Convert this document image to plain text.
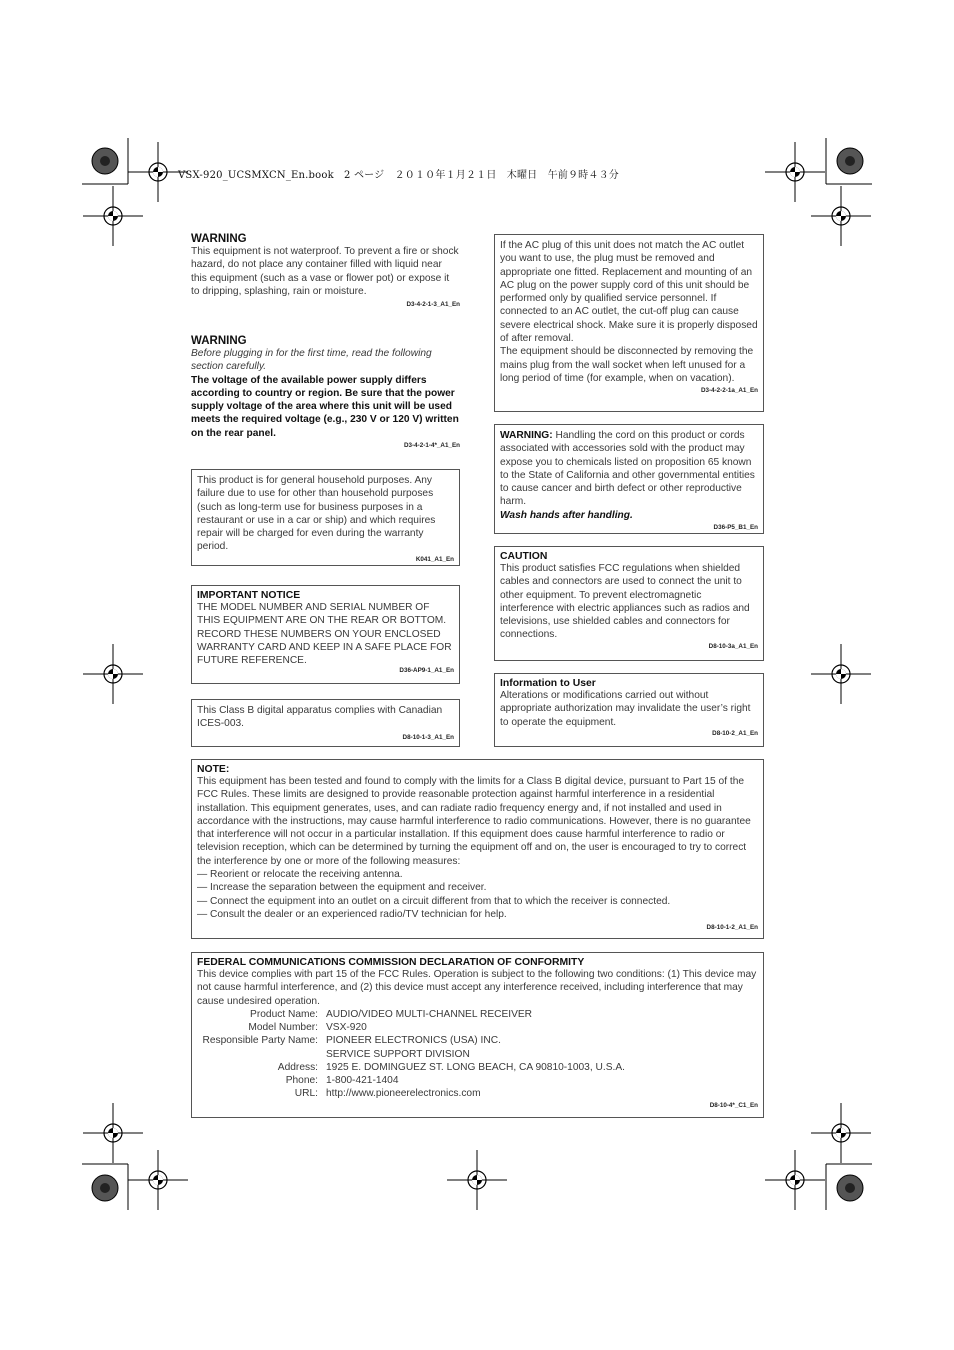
VSX-920_UCSMXCN_En.book　2 ページ　２０１０年１月２１日　木曜日　午前９時４３分
WARNING
This equipment is not waterproof. To prevent a fire or shock hazard, do not place any container filled with liquid near this equipment (such as a vase or flower pot) or expose it to dripping, splashing, rain or moisture.
D3-4-2-1-3_A1_En
WARNING
Before plugging in for the first time, read the following section carefully.
The voltage of the available power supply differs according to country or region. Be sure that the power supply voltage of the area where this unit will be used meets the required voltage (e.g., 230 V or 120 V) written on the rear panel.
D3-4-2-1-4*_A1_En
This product is for general household purposes. Any failure due to use for other than household purposes (such as long-term use for business purposes in a restaurant or use in a car or ship) and which requires repair will be charged for even during the warranty period.
K041_A1_En
IMPORTANT NOTICE
THE MODEL NUMBER AND SERIAL NUMBER OF THIS EQUIPMENT ARE ON THE REAR OR BOTTOM. RECORD THESE NUMBERS ON YOUR ENCLOSED WARRANTY CARD AND KEEP IN A SAFE PLACE FOR FUTURE REFERENCE.
D36-AP9-1_A1_En
This Class B digital apparatus complies with Canadian ICES-003.
D8-10-1-3_A1_En
If the AC plug of this unit does not match the AC outlet you want to use, the plug must be removed and appropriate one fitted. Replacement and mounting of an AC plug on the power supply cord of this unit should be performed only by qualified service personnel. If connected to an AC outlet, the cut-off plug can cause severe electrical shock. Make sure it is properly disposed of after removal.
The equipment should be disconnected by removing the mains plug from the wall socket when left unused for a long period of time (for example, when on vacation).
D3-4-2-2-1a_A1_En
WARNING: Handling the cord on this product or cords associated with accessories sold with the product may expose you to chemicals listed on proposition 65 known to the State of California and other governmental entities to cause cancer and birth defect or other reproductive harm.
Wash hands after handling.
D36-P5_B1_En
CAUTION
This product satisfies FCC regulations when shielded cables and connectors are used to connect the unit to other equipment. To prevent electromagnetic interference with electric appliances such as radios and televisions, use shielded cables and connectors for connections.
D8-10-3a_A1_En
Information to User
Alterations or modifications carried out without appropriate authorization may invalidate the user’s right to operate the equipment.
D8-10-2_A1_En
NOTE:
This equipment has been tested and found to comply with the limits for a Class B digital device, pursuant to Part 15 of the FCC Rules. These limits are designed to provide reasonable protection against harmful interference in a residential installation. This equipment generates, uses, and can radiate radio frequency energy and, if not installed and used in accordance with the instructions, may cause harmful interference to radio communications. However, there is no guarantee that interference will not occur in a particular installation. If this equipment does cause harmful interference to radio or television reception, which can be determined by turning the equipment off and on, the user is encouraged to try to correct the interference by one or more of the following measures:
— Reorient or relocate the receiving antenna.
— Increase the separation between the equipment and receiver.
— Connect the equipment into an outlet on a circuit different from that to which the receiver is connected.
— Consult the dealer or an experienced radio/TV technician for help.
D8-10-1-2_A1_En
FEDERAL COMMUNICATIONS COMMISSION DECLARATION OF CONFORMITY
This device complies with part 15 of the FCC Rules. Operation is subject to the following two conditions: (1) This device may not cause harmful interference, and (2) this device must accept any interference received, including interference that may cause undesired operation.
Product Name:	AUDIO/VIDEO MULTI-CHANNEL RECEIVER
Model Number:	VSX-920
Responsible Party Name:	PIONEER ELECTRONICS (USA) INC.
	SERVICE SUPPORT DIVISION
Address:	1925 E. DOMINGUEZ ST. LONG BEACH, CA 90810-1003, U.S.A.
Phone:	1-800-421-1404
URL:	http://www.pioneerelectronics.com
D8-10-4*_C1_En
